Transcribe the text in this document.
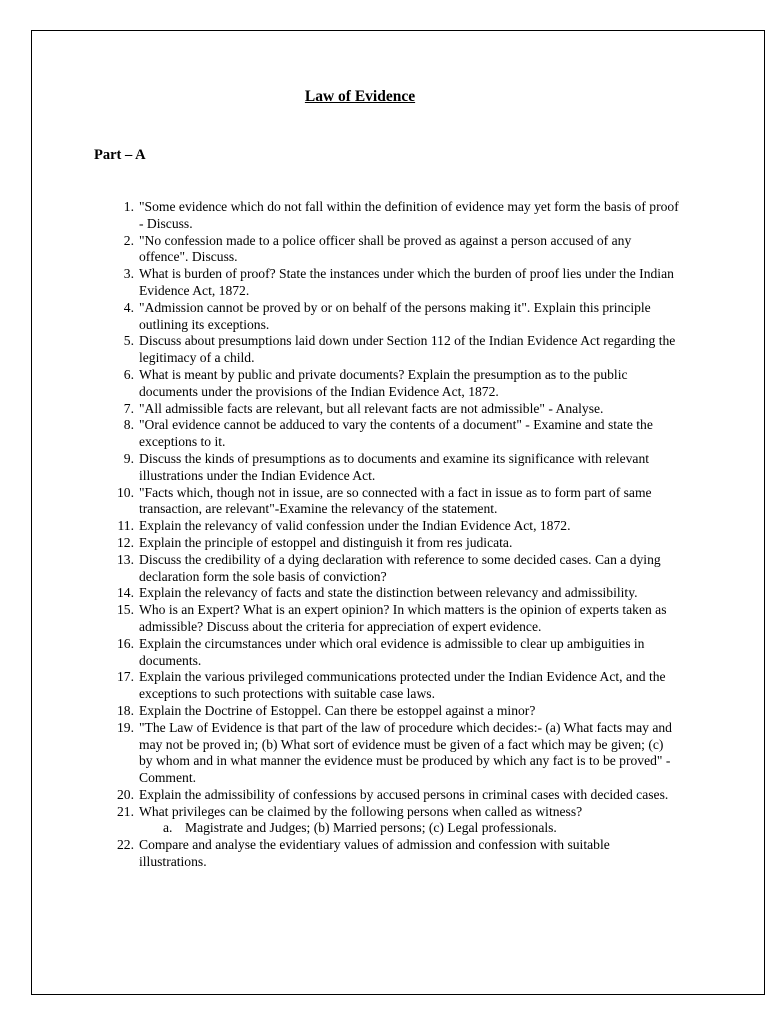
Law of Evidence
Part – A
1. "Some evidence which do not fall within the definition of evidence may yet form the basis of proof - Discuss.
2. "No confession made to a police officer shall be proved as against a person accused of any offence". Discuss.
3. What is burden of proof? State the instances under which the burden of proof lies under the Indian Evidence Act, 1872.
4. "Admission cannot be proved by or on behalf of the persons making it". Explain this principle outlining its exceptions.
5. Discuss about presumptions laid down under Section 112 of the Indian Evidence Act regarding the legitimacy of a child.
6. What is meant by public and private documents? Explain the presumption as to the public documents under the provisions of the Indian Evidence Act, 1872.
7. "All admissible facts are relevant, but all relevant facts are not admissible" - Analyse.
8. "Oral evidence cannot be adduced to vary the contents of a document" - Examine and state the exceptions to it.
9. Discuss the kinds of presumptions as to documents and examine its significance with relevant illustrations under the Indian Evidence Act.
10. "Facts which, though not in issue, are so connected with a fact in issue as to form part of same transaction, are relevant"-Examine the relevancy of the statement.
11. Explain the relevancy of valid confession under the Indian Evidence Act, 1872.
12. Explain the principle of estoppel and distinguish it from res judicata.
13. Discuss the credibility of a dying declaration with reference to some decided cases. Can a dying declaration form the sole basis of conviction?
14. Explain the relevancy of facts and state the distinction between relevancy and admissibility.
15. Who is an Expert? What is an expert opinion? In which matters is the opinion of experts taken as admissible? Discuss about the criteria for appreciation of expert evidence.
16. Explain the circumstances under which oral evidence is admissible to clear up ambiguities in documents.
17. Explain the various privileged communications protected under the Indian Evidence Act, and the exceptions to such protections with suitable case laws.
18. Explain the Doctrine of Estoppel. Can there be estoppel against a minor?
19. "The Law of Evidence is that part of the law of procedure which decides:- (a) What facts may and may not be proved in; (b) What sort of evidence must be given of a fact which may be given; (c) by whom and in what manner the evidence must be produced by which any fact is to be proved" - Comment.
20. Explain the admissibility of confessions by accused persons in criminal cases with decided cases.
21. What privileges can be claimed by the following persons when called as witness?
a. Magistrate and Judges; (b) Married persons; (c) Legal professionals.
22. Compare and analyse the evidentiary values of admission and confession with suitable illustrations.
